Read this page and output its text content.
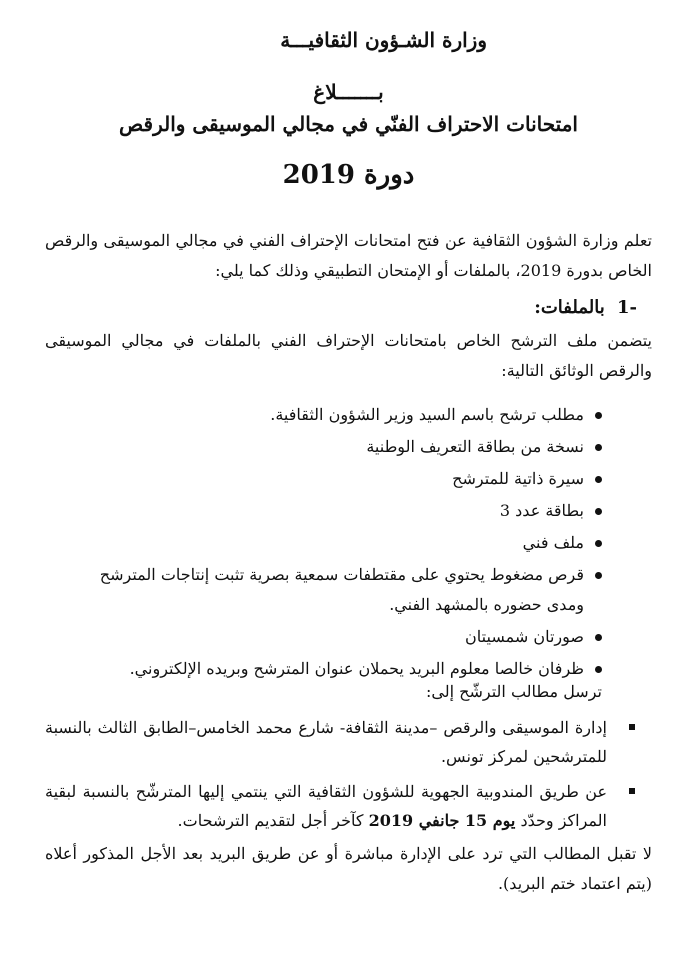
وزارة الشـؤون الثقافيـــة
بـــــــلاغ
امتحانات الاحتراف الفنّي في مجالي الموسيقى والرقص
دورة 2019
تعلم وزارة الشؤون الثقافية عن فتح امتحانات الإحتراف الفني في مجالي الموسيقى والرقص الخاص بدورة 2019، بالملفات أو الإمتحان التطبيقي وذلك كما يلي:
1- بالملفات:
يتضمن ملف الترشح الخاص بامتحانات الإحتراف الفني بالملفات في مجالي الموسيقى والرقص الوثائق التالية:
مطلب ترشح باسم السيد وزير الشؤون الثقافية.
نسخة من بطاقة التعريف الوطنية
سيرة ذاتية للمترشح
بطاقة عدد 3
ملف فني
قرص مضغوط يحتوي على مقتطفات سمعية بصرية تثبت إنتاجات المترشح ومدى حضوره بالمشهد الفني.
صورتان شمسيتان
ظرفان خالصا معلوم البريد يحملان عنوان المترشح وبريده الإلكتروني.
ترسل مطالب الترشّح إلى:
إدارة الموسيقى والرقص –مدينة الثقافة- شارع محمد الخامس–الطابق الثالث بالنسبة للمترشحين لمركز تونس.
عن طريق المندوبية الجهوية للشؤون الثقافية التي ينتمي إليها المترشّح بالنسبة لبقية المراكز وحدّد يوم 15 جانفي 2019 كآخر أجل لتقديم الترشحات.
لا تقبل المطالب التي ترد على الإدارة مباشرة أو عن طريق البريد بعد الأجل المذكور أعلاه (يتم اعتماد ختم البريد).
